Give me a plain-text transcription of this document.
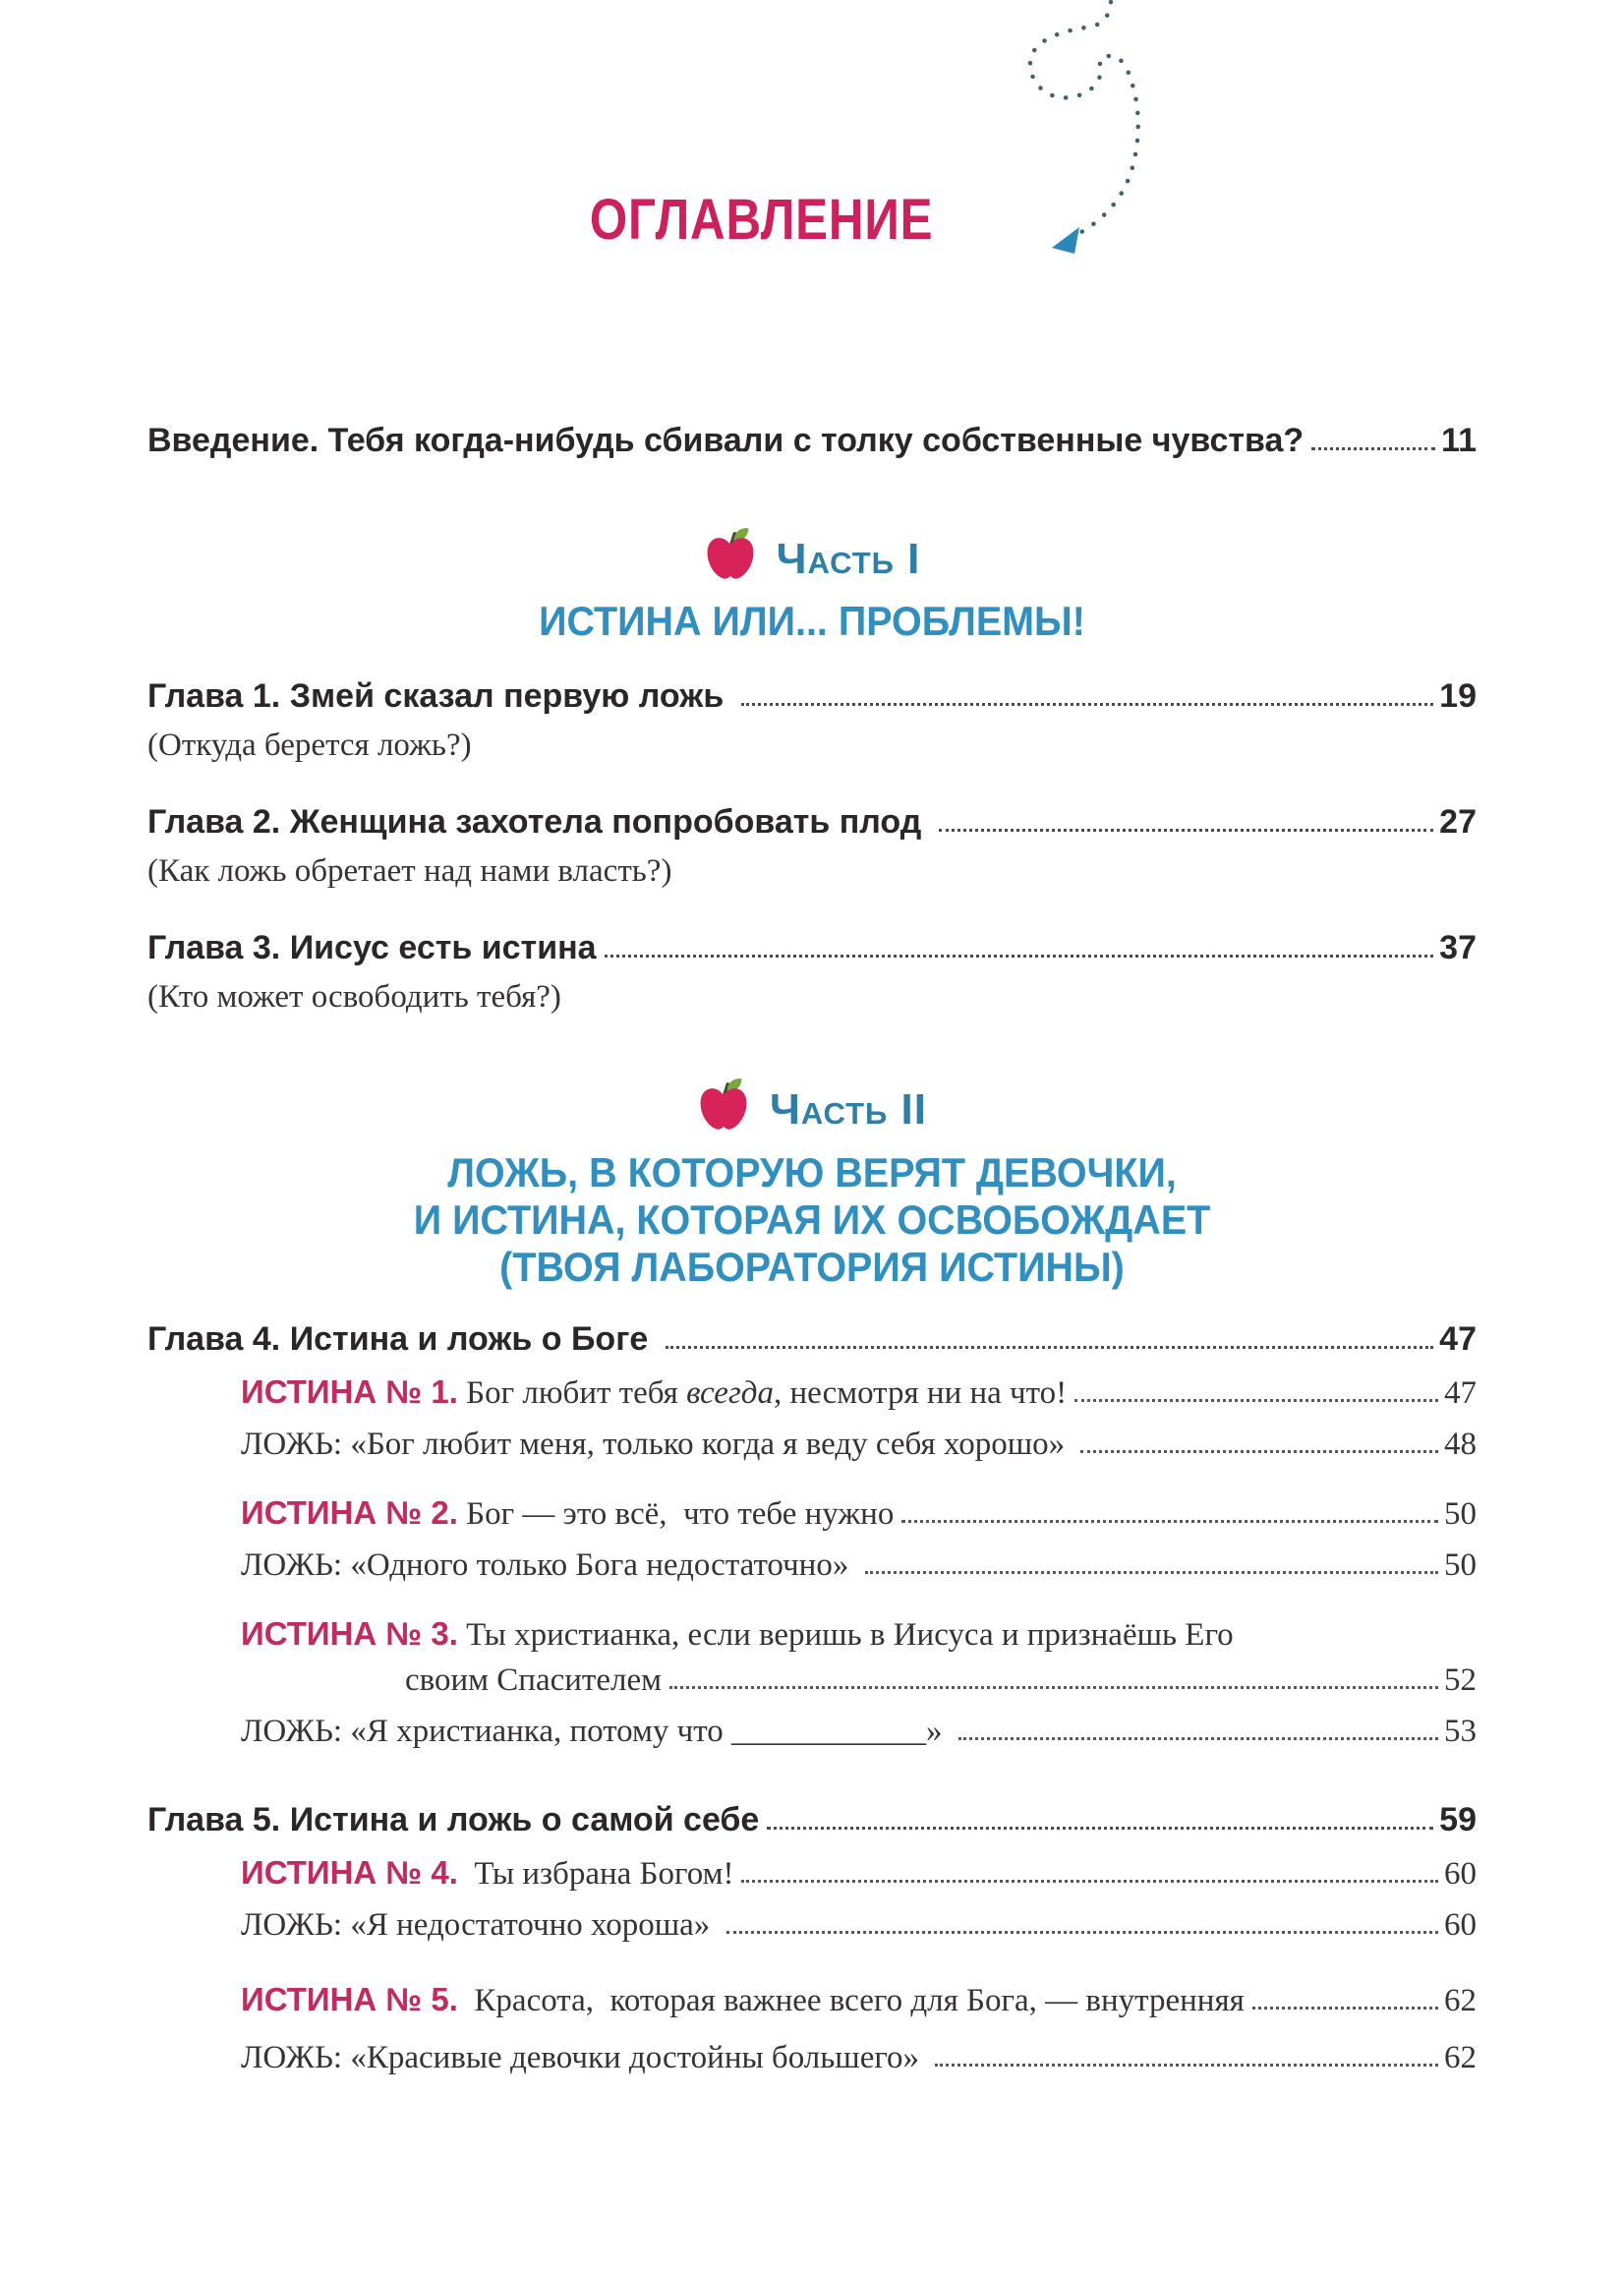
ОГЛАВЛЕНИЕ
Введение. Тебя когда-нибудь сбивали с толку собственные чувства?	11
Часть I
ИСТИНА ИЛИ... ПРОБЛЕМЫ!
Глава 1. Змей сказал первую ложь	19
(Откуда берется ложь?)
Глава 2. Женщина захотела попробовать плод	27
(Как ложь обретает над нами власть?)
Глава 3. Иисус есть истина	37
(Кто может освободить тебя?)
Часть II
ЛОЖЬ, В КОТОРУЮ ВЕРЯТ ДЕВОЧКИ,
И ИСТИНА, КОТОРАЯ ИХ ОСВОБОЖДАЕТ
(ТВОЯ ЛАБОРАТОРИЯ ИСТИНЫ)
Глава 4. Истина и ложь о Боге	47
ИСТИНА № 1. Бог любит тебя всегда, несмотря ни на что!	47
ЛОЖЬ: «Бог любит меня, только когда я веду себя хорошо»	48
ИСТИНА № 2. Бог — это всё,  что тебе нужно	50
ЛОЖЬ: «Одного только Бога недостаточно»	50
ИСТИНА № 3. Ты христианка, если веришь в Иисуса и признаёшь Его
своим Спасителем	52
ЛОЖЬ: «Я христианка, потому что ____________»	53
Глава 5. Истина и ложь о самой себе	59
ИСТИНА № 4.  Ты избрана Богом!	60
ЛОЖЬ: «Я недостаточно хороша»	60
ИСТИНА № 5.  Красота,  которая важнее всего для Бога, — внутренняя	62
ЛОЖЬ: «Красивые девочки достойны большего»	62
